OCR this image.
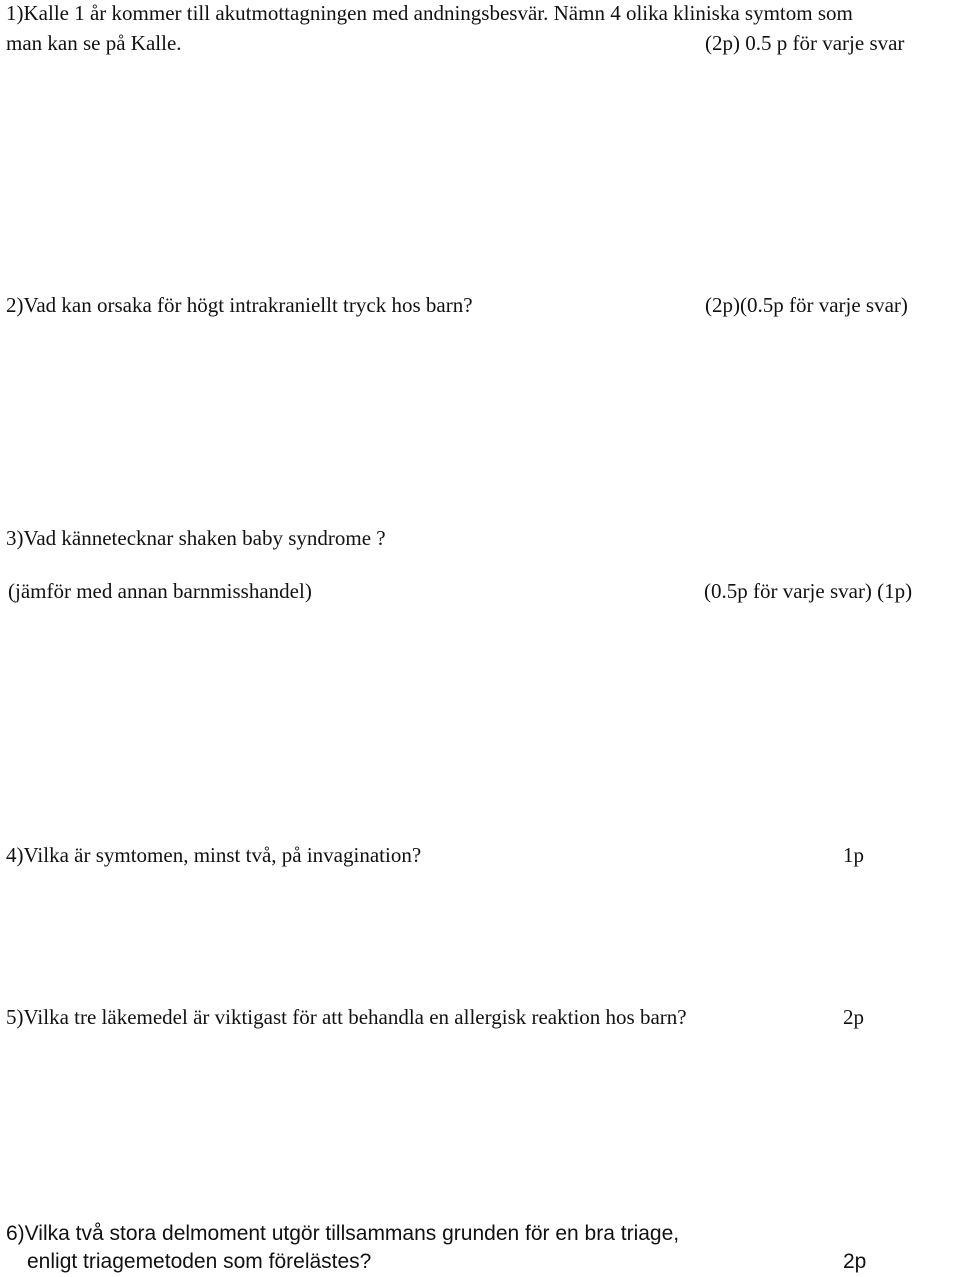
1)Kalle 1 år kommer till akutmottagningen med andningsbesvär. Nämn 4 olika kliniska symtom som
man kan se på Kalle.	(2p) 0.5 p för varje svar
2)Vad kan orsaka för högt intrakraniellt tryck hos barn?	(2p)(0.5p för varje svar)
3)Vad kännetecknar shaken baby syndrome ?
(jämför med annan barnmisshandel)	(0.5p för varje svar) (1p)
4)Vilka är symtomen, minst två, på invagination?	1p
5)Vilka tre läkemedel är viktigast för att behandla en allergisk reaktion hos barn?	2p
6)Vilka två stora delmoment utgör tillsammans grunden för en bra triage,
enligt triagemetoden som förelästes?	2p
